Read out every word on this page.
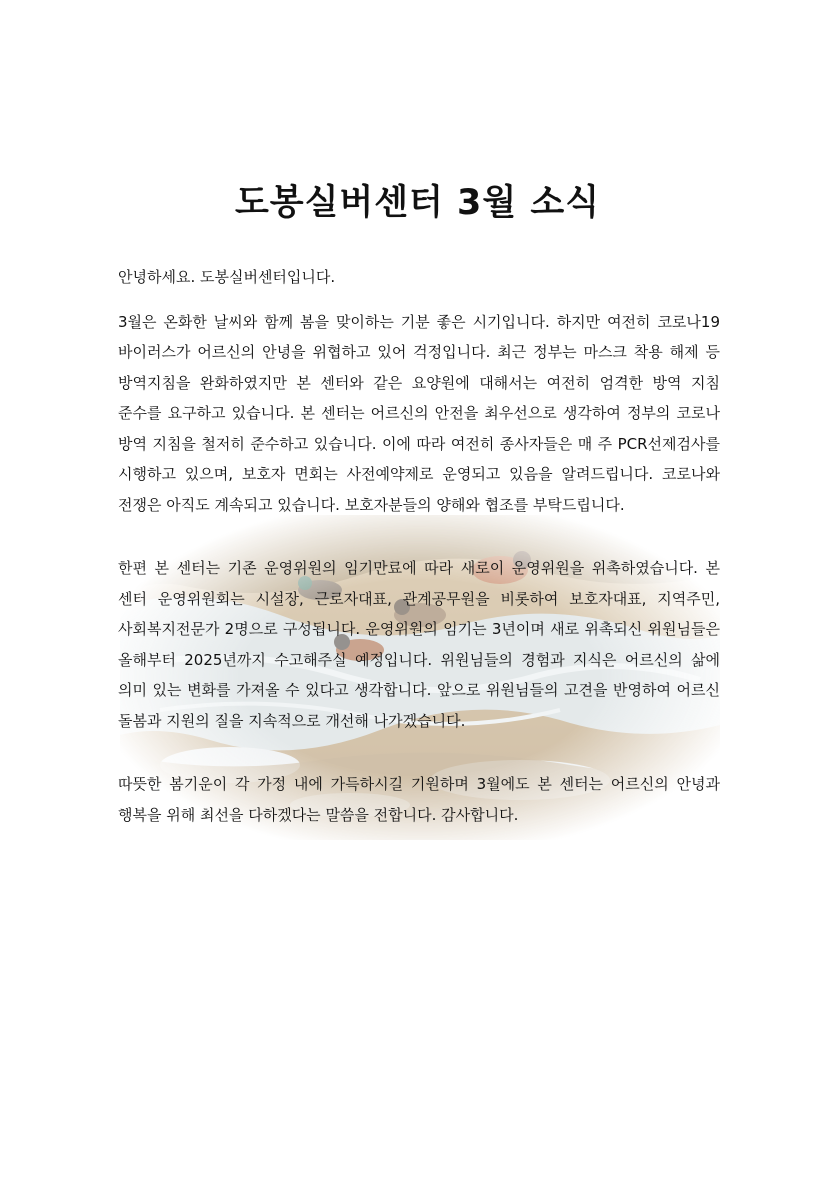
도봉실버센터 3월 소식

안녕하세요. 도봉실버센터입니다.

3월은 온화한 날씨와 함께 봄을 맞이하는 기분 좋은 시기입니다. 하지만 여전히 코로나19 바이러스가 어르신의 안녕을 위협하고 있어 걱정입니다. 최근 정부는 마스크 착용 해제 등 방역지침을 완화하였지만 본 센터와 같은 요양원에 대해서는 여전히 엄격한 방역 지침 준수를 요구하고 있습니다. 본 센터는 어르신의 안전을 최우선으로 생각하여 정부의 코로나 방역 지침을 철저히 준수하고 있습니다. 이에 따라 여전히 종사자들은 매 주 PCR선제검사를 시행하고 있으며, 보호자 면회는 사전예약제로 운영되고 있음을 알려드립니다. 코로나와 전쟁은 아직도 계속되고 있습니다. 보호자분들의 양해와 협조를 부탁드립니다.

한편 본 센터는 기존 운영위원의 임기만료에 따라 새로이 운영위원을 위촉하였습니다. 본 센터 운영위원회는 시설장, 근로자대표, 관계공무원을 비롯하여 보호자대표, 지역주민, 사회복지전문가 2명으로 구성됩니다. 운영위원의 임기는 3년이며 새로 위촉되신 위원님들은 올해부터 2025년까지 수고해주실 예정입니다. 위원님들의 경험과 지식은 어르신의 삶에 의미 있는 변화를 가져올 수 있다고 생각합니다. 앞으로 위원님들의 고견을 반영하여 어르신 돌봄과 지원의 질을 지속적으로 개선해 나가겠습니다.

따뜻한 봄기운이 각 가정 내에 가득하시길 기원하며 3월에도 본 센터는 어르신의 안녕과 행복을 위해 최선을 다하겠다는 말씀을 전합니다. 감사합니다.
